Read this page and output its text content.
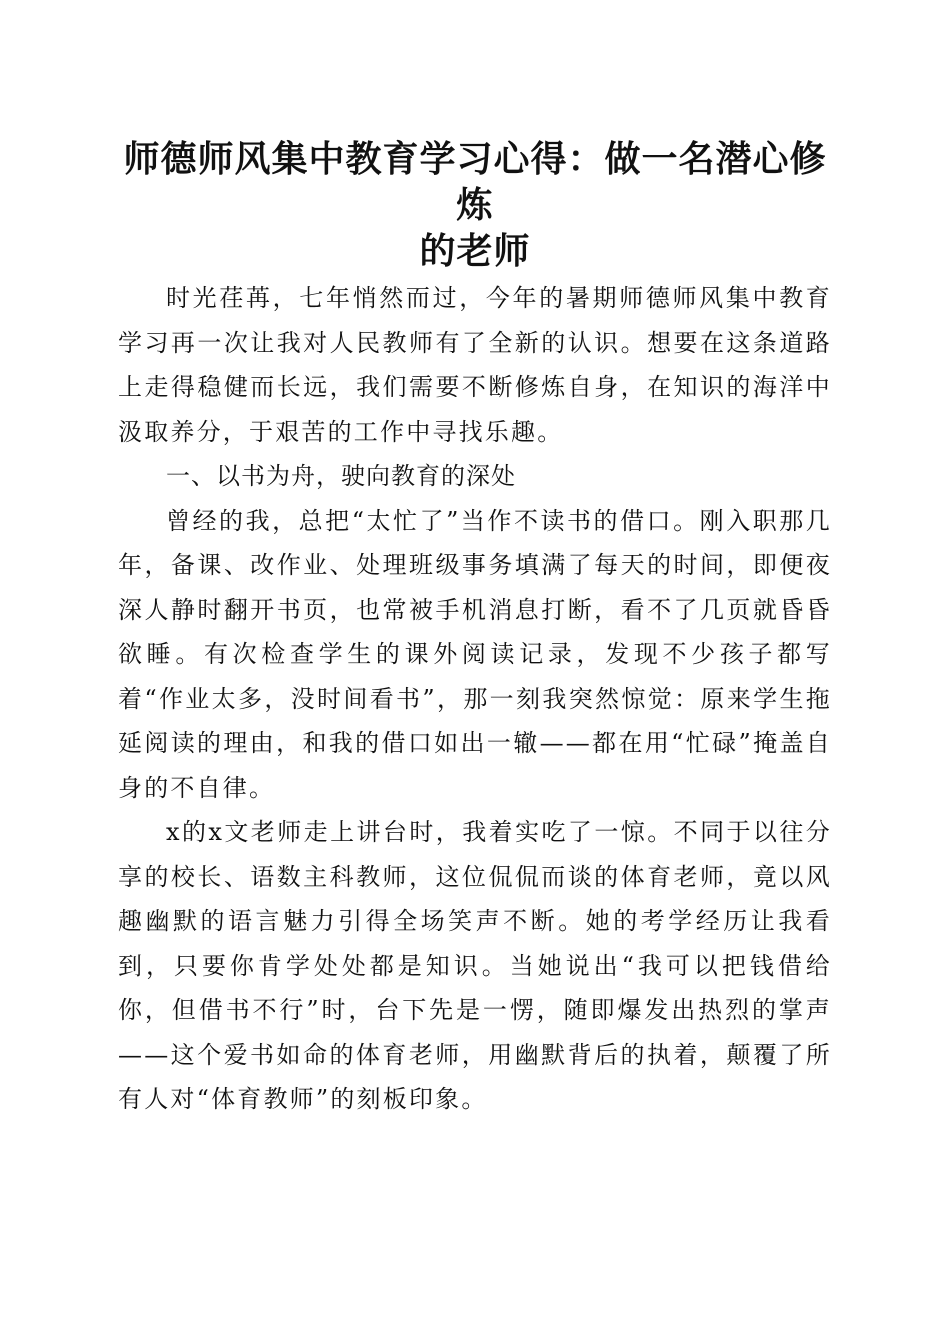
师德师风集中教育学习心得：做一名潜心修炼
的老师

时光荏苒，七年悄然而过，今年的暑期师德师风集中教育学习再一次让我对人民教师有了全新的认识。想要在这条道路上走得稳健而长远，我们需要不断修炼自身，在知识的海洋中汲取养分，于艰苦的工作中寻找乐趣。

一、以书为舟，驶向教育的深处

曾经的我，总把“太忙了”当作不读书的借口。刚入职那几年，备课、改作业、处理班级事务填满了每天的时间，即便夜深人静时翻开书页，也常被手机消息打断，看不了几页就昏昏欲睡。有次检查学生的课外阅读记录，发现不少孩子都写着“作业太多，没时间看书”，那一刻我突然惊觉：原来学生拖延阅读的理由，和我的借口如出一辙——都在用“忙碌”掩盖自身的不自律。

x的x文老师走上讲台时，我着实吃了一惊。不同于以往分享的校长、语数主科教师，这位侃侃而谈的体育老师，竟以风趣幽默的语言魅力引得全场笑声不断。她的考学经历让我看到，只要你肯学处处都是知识。当她说出“我可以把钱借给你，但借书不行”时，台下先是一愣，随即爆发出热烈的掌声——这个爱书如命的体育老师，用幽默背后的执着，颠覆了所有人对“体育教师”的刻板印象。
